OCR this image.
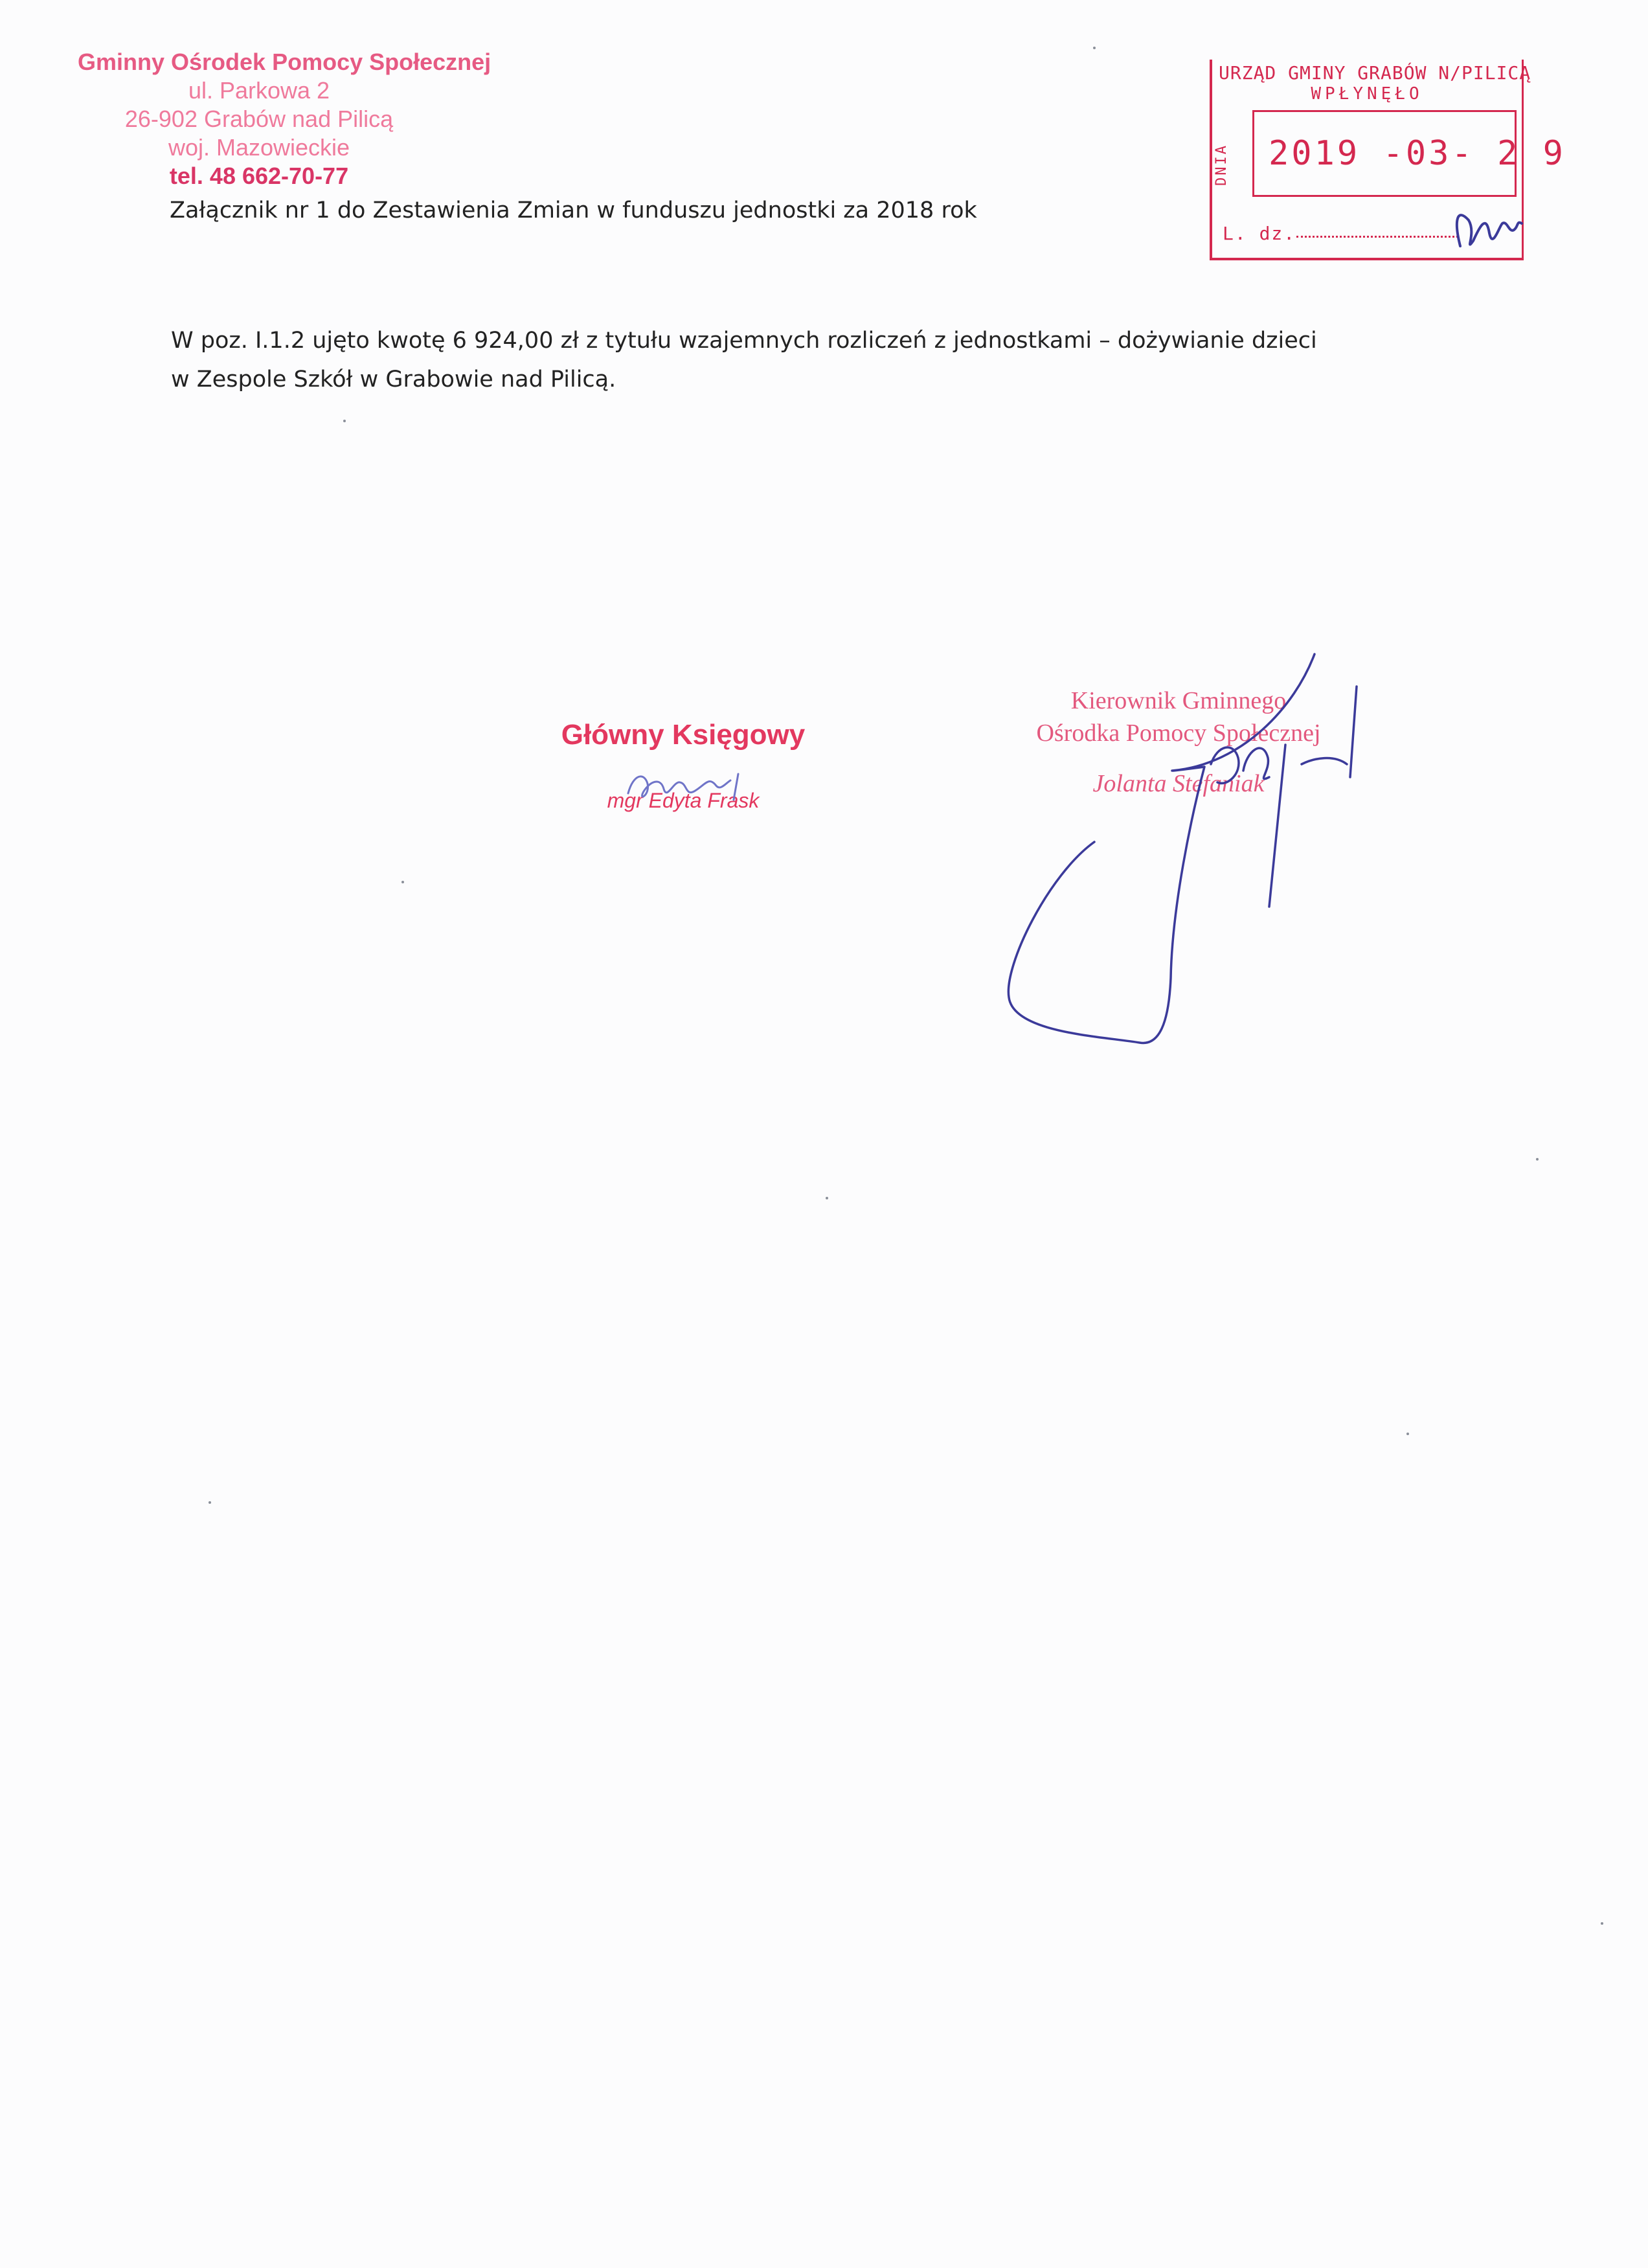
Gminny Ośrodek Pomocy Społecznej
ul. Parkowa 2
26-902 Grabów nad Pilicą
woj. Mazowieckie
tel. 48 662-70-77
Załącznik nr 1 do Zestawienia Zmian w funduszu jednostki za 2018 rok
W poz. I.1.2 ujęto kwotę 6 924,00 zł z tytułu wzajemnych rozliczeń z jednostkami – dożywianie dzieci
w Zespole Szkół w Grabowie nad Pilicą.
URZĄD GMINY GRABÓW N/PILICĄ
WPŁYNĘŁO
DNIA 2019 -03- 2 9
L. dz.
Główny Księgowy
mgr Edyta Frask
Kierownik Gminnego
Ośrodka Pomocy Społecznej
Jolanta Stefaniak
